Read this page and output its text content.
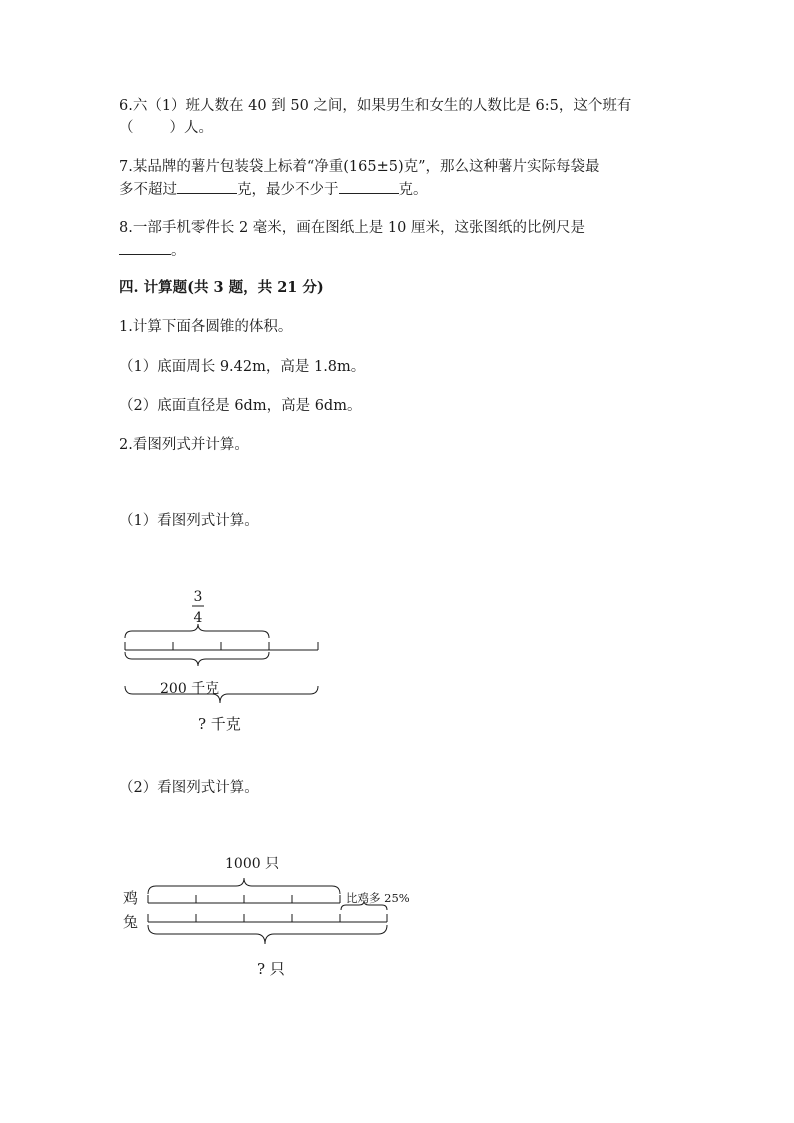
6.六（1）班人数在 40 到 50 之间，如果男生和女生的人数比是 6:5，这个班有
（ ）人。
7.某品牌的薯片包装袋上标着“净重(165±5)克”，那么这种薯片实际每袋最
多不超过	克，最少不少于	克。
8.一部手机零件长 2 毫米，画在图纸上是 10 厘米，这张图纸的比例尺是
。
四. 计算题(共 3 题，共 21 分)
1.计算下面各圆锥的体积。
（1）底面周长 9.42m，高是 1.8m。
（2）底面直径是 6dm，高是 6dm。
2.看图列式并计算。
（1）看图列式计算。
（2）看图列式计算。
3
4
200 千克
? 千克
1000 只
鸡	比鸡多 25%
兔
? 只
